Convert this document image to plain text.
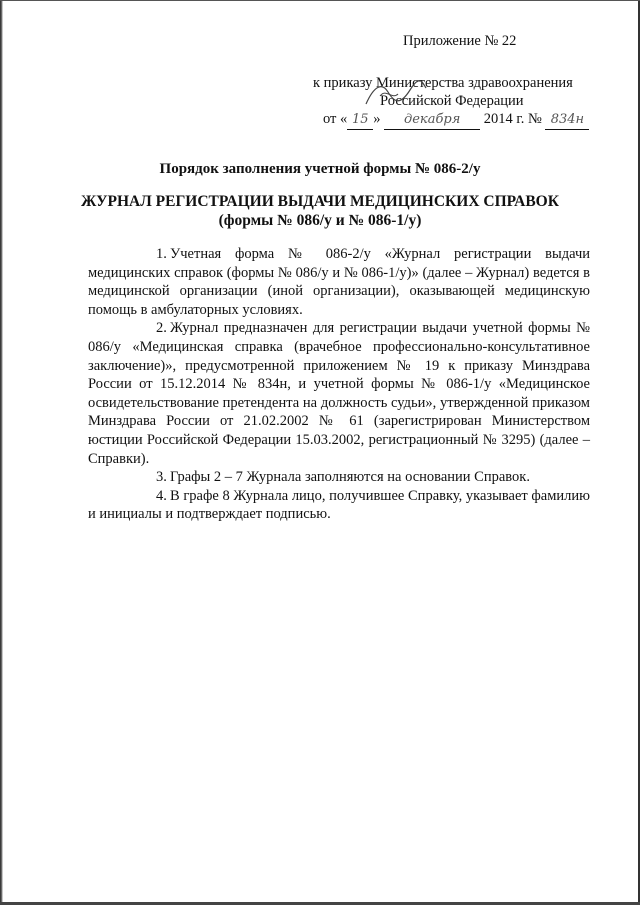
Приложение № 22
к приказу Министерства здравоохранения
Российской Федерации
от « 15 » декабря 2014 г. № 834н
Порядок заполнения учетной формы № 086-2/у
ЖУРНАЛ РЕГИСТРАЦИИ ВЫДАЧИ МЕДИЦИНСКИХ СПРАВОК
(формы № 086/у и № 086-1/у)

1. Учетная форма № 086-2/у «Журнал регистрации выдачи медицинских справок (формы № 086/у и № 086-1/у)» (далее – Журнал) ведется в медицинской организации (иной организации), оказывающей медицинскую помощь в амбулаторных условиях.

2. Журнал предназначен для регистрации выдачи учетной формы № 086/у «Медицинская справка (врачебное профессионально-консультативное заключение)», предусмотренной приложением № 19 к приказу Минздрава России от 15.12.2014 № 834н, и учетной формы № 086-1/у «Медицинское освидетельствование претендента на должность судьи», утвержденной приказом Минздрава России от 21.02.2002 № 61 (зарегистрирован Министерством юстиции Российской Федерации 15.03.2002, регистрационный № 3295) (далее – Справки).

3. Графы 2 – 7 Журнала заполняются на основании Справок.

4. В графе 8 Журнала лицо, получившее Справку, указывает фамилию и инициалы и подтверждает подписью.
